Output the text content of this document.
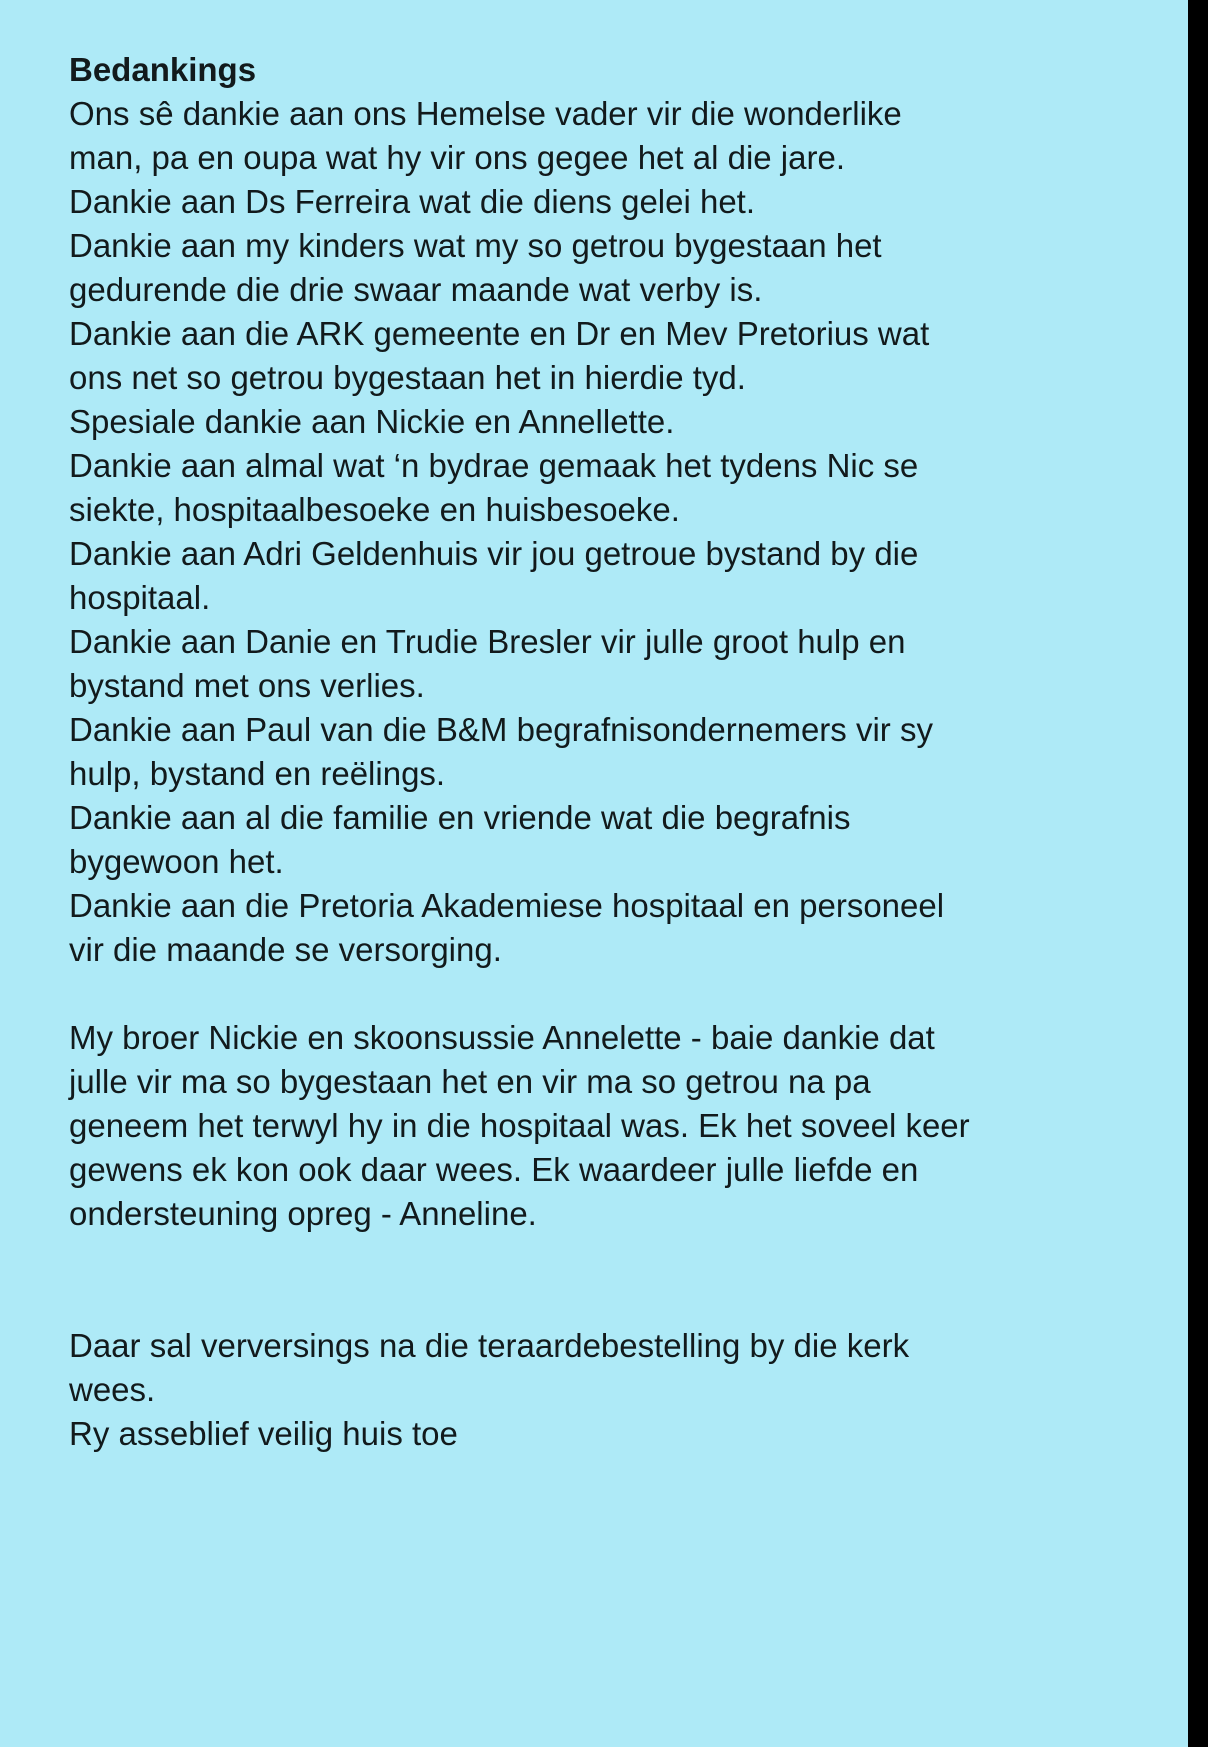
Bedankings

Ons sê dankie aan ons Hemelse vader vir die wonderlike

man, pa en oupa wat hy vir ons gegee het al die jare.

Dankie aan Ds Ferreira wat die diens gelei het.

Dankie aan my kinders wat my so getrou bygestaan het

gedurende die drie swaar maande wat verby is.

Dankie aan die ARK gemeente en Dr en Mev Pretorius wat

ons net so getrou bygestaan het in hierdie tyd.

Spesiale dankie aan Nickie en Annellette.

Dankie aan almal wat ‘n bydrae gemaak het tydens Nic se

siekte, hospitaalbesoeke en huisbesoeke.

Dankie aan Adri Geldenhuis vir jou getroue bystand by die

hospitaal.

Dankie aan Danie en Trudie Bresler vir julle groot hulp en

bystand met ons verlies.

Dankie aan Paul van die B&M begrafnisondernemers vir sy

hulp, bystand en reëlings.

Dankie aan al die familie en vriende wat die begrafnis

bygewoon het.

Dankie aan die Pretoria Akademiese hospitaal en personeel

vir die maande se versorging.

My broer Nickie en skoonsussie Annelette - baie dankie dat

julle vir ma so bygestaan het en vir ma so getrou na pa

geneem het terwyl hy in die hospitaal was. Ek het soveel keer

gewens ek kon ook daar wees. Ek waardeer julle liefde en

ondersteuning opreg - Anneline.

Daar sal verversings na die teraardebestelling by die kerk

wees.

Ry asseblief veilig huis toe
